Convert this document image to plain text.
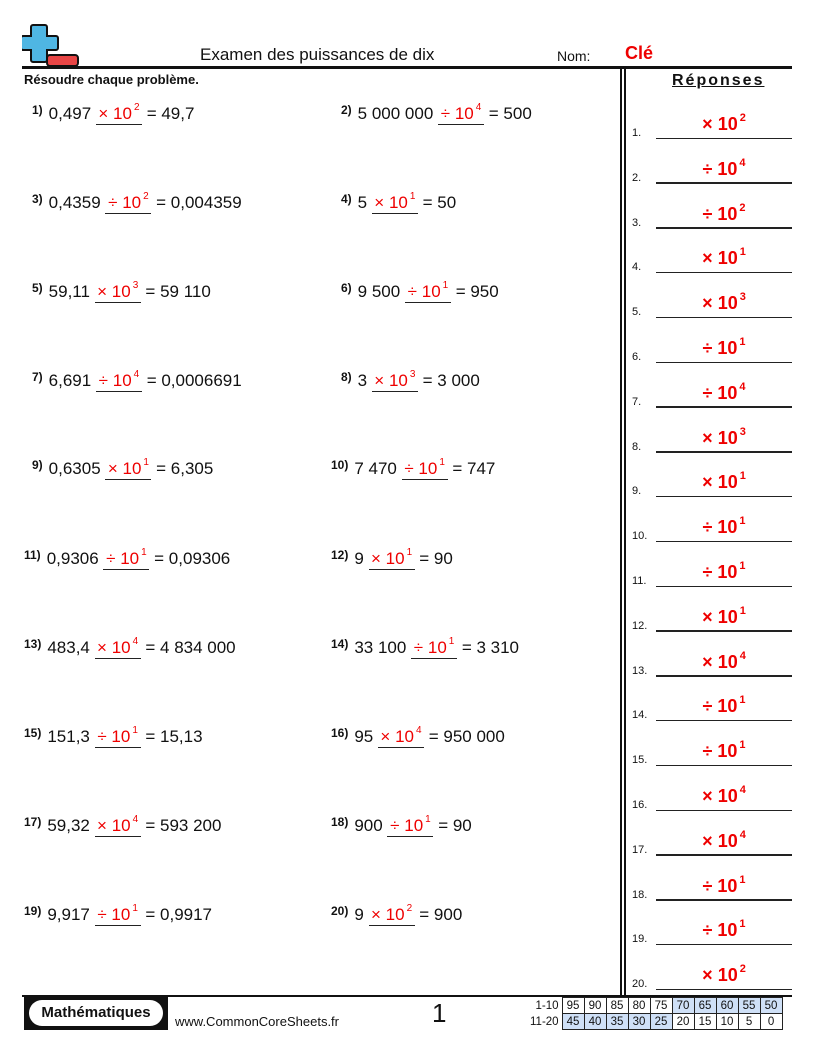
Examen des puissances de dix	Nom: Clé
Résoudre chaque problème.	Réponses
$^{1)}$ 0,497 × 10 $^2$ = 49,7	$^{2)}$ 5 000 000 ÷ 10 $^4$ = 500
$^{3)}$ 0,4359 ÷ 10 $^2$ = 0,004359	$^{4)}$ 5 × 10 $^1$ = 50
$^{5)}$ 59,11 × 10 $^3$ = 59 110	$^{6)}$ 9 500 ÷ 10 $^1$ = 950
$^{7)}$ 6,691 ÷ 10 $^4$ = 0,0006691	$^{8)}$ 3 × 10 $^3$ = 3 000
$^{9)}$ 0,6305 × 10 $^1$ = 6,305	$^{10)}$ 7 470 ÷ 10 $^1$ = 747
$^{11)}$ 0,9306 ÷ 10 $^1$ = 0,09306	$^{12)}$ 9 × 10 $^1$ = 90
$^{13)}$ 483,4 × 10 $^4$ = 4 834 000	$^{14)}$ 33 100 ÷ 10 $^1$ = 3 310
$^{15)}$ 151,3 ÷ 10 $^1$ = 15,13	$^{16)}$ 95 × 10 $^4$ = 950 000
$^{17)}$ 59,32 × 10 $^4$ = 593 200	$^{18)}$ 900 ÷ 10 $^1$ = 90
$^{19)}$ 9,917 ÷ 10 $^1$ = 0,9917	$^{20)}$ 9 × 10 $^2$ = 900
1.	× 10 $^2$
2.	÷ 10 $^4$
3.	÷ 10 $^2$
4.	× 10 $^1$
5.	× 10 $^3$
6.	÷ 10 $^1$
7.	÷ 10 $^4$
8.	× 10 $^3$
9.	× 10 $^1$
10.	÷ 10 $^1$
11.	÷ 10 $^1$
12.	× 10 $^1$
13.	× 10 $^4$
14.	÷ 10 $^1$
15.	÷ 10 $^1$
16.	× 10 $^4$
17.	× 10 $^4$
18.	÷ 10 $^1$
19.	÷ 10 $^1$
20.	× 10 $^2$
Mathématiques
www.CommonCoreSheets.fr	1	1-10	95	90	85	80	75	70	65	60	55	50
11-20	45	40	35	30	25	20	15	10	5	0
